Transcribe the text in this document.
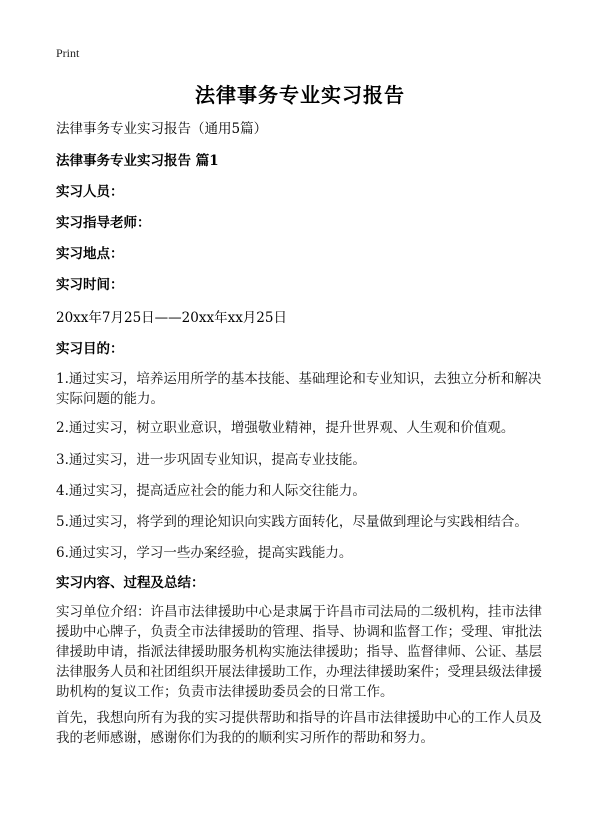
Print
法律事务专业实习报告
法律事务专业实习报告（通用5篇）
法律事务专业实习报告 篇1
实习人员：
实习指导老师：
实习地点：
实习时间：
20xx年7月25日——20xx年xx月25日
实习目的：
1.通过实习，培养运用所学的基本技能、基础理论和专业知识，去独立分析和解决实际问题的能力。
2.通过实习，树立职业意识，增强敬业精神，提升世界观、人生观和价值观。
3.通过实习，进一步巩固专业知识，提高专业技能。
4.通过实习，提高适应社会的能力和人际交往能力。
5.通过实习，将学到的理论知识向实践方面转化，尽量做到理论与实践相结合。
6.通过实习，学习一些办案经验，提高实践能力。
实习内容、过程及总结：
实习单位介绍：许昌市法律援助中心是隶属于许昌市司法局的二级机构，挂市法律援助中心牌子，负责全市法律援助的管理、指导、协调和监督工作；受理、审批法律援助申请，指派法律援助服务机构实施法律援助；指导、监督律师、公证、基层法律服务人员和社团组织开展法律援助工作，办理法律援助案件；受理县级法律援助机构的复议工作；负责市法律援助委员会的日常工作。
首先，我想向所有为我的实习提供帮助和指导的许昌市法律援助中心的工作人员及我的老师感谢，感谢你们为我的的顺利实习所作的帮助和努力。
